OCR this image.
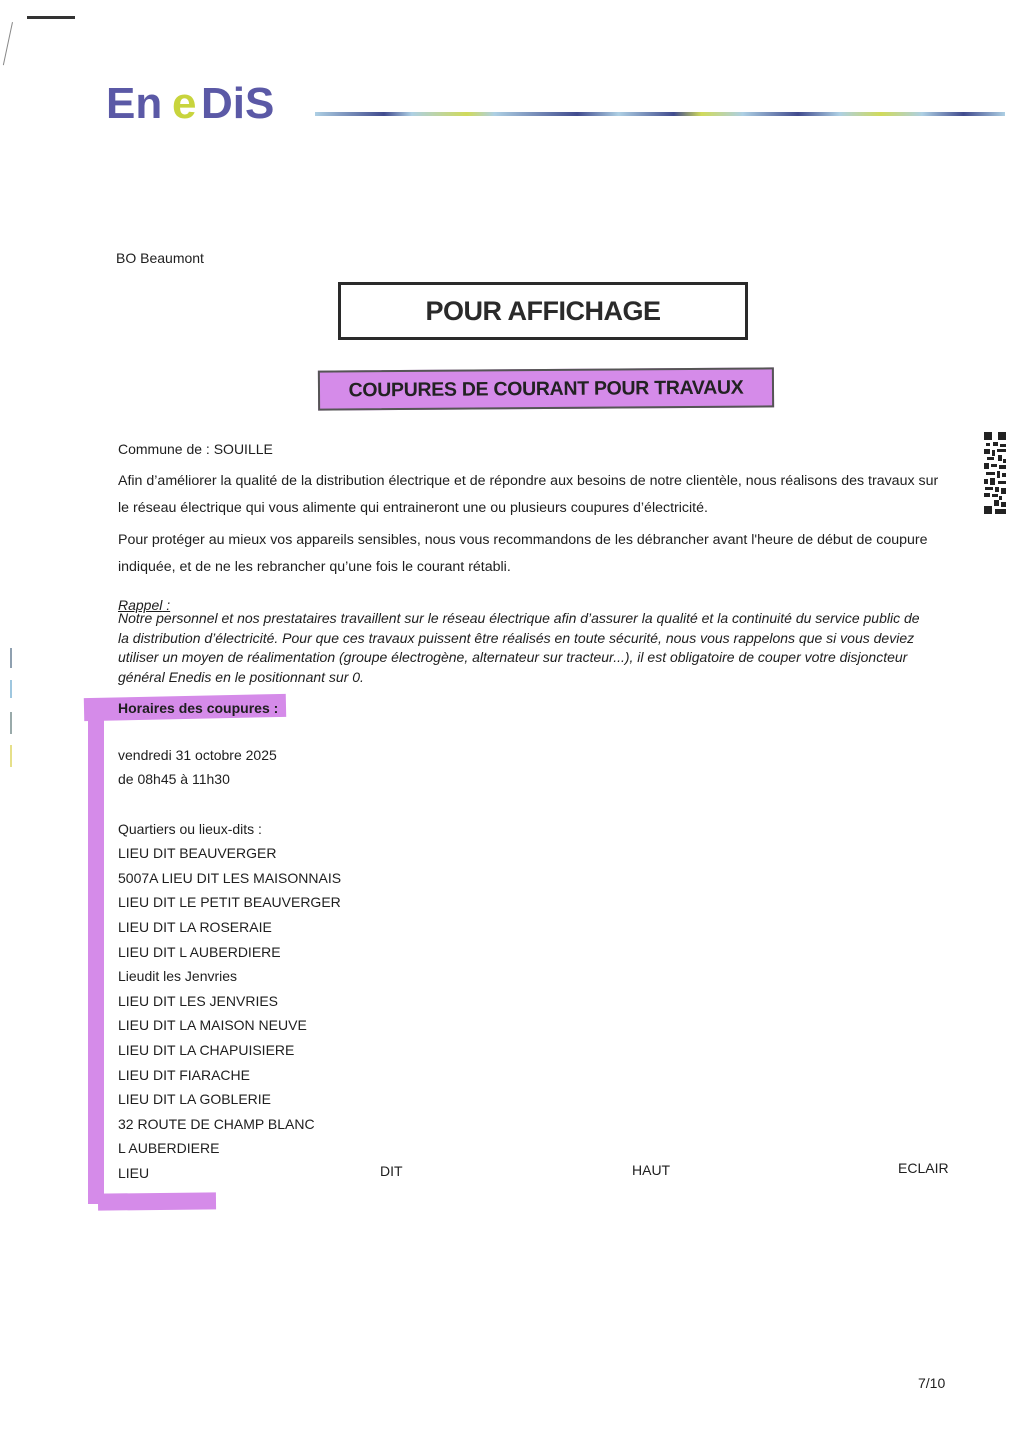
En e DiS
BO Beaumont
POUR AFFICHAGE
COUPURES DE COURANT POUR TRAVAUX
Commune de : SOUILLE
Afin d’améliorer la qualité de la distribution électrique et de répondre aux besoins de notre clientèle, nous réalisons des travaux sur le réseau électrique qui vous alimente qui entraineront une ou plusieurs coupures d’électricité.
Pour protéger au mieux vos appareils sensibles, nous vous recommandons de les débrancher avant l'heure de début de coupure indiquée, et de ne les rebrancher qu’une fois le courant rétabli.
Rappel :
Notre personnel et nos prestataires travaillent sur le réseau électrique afin d’assurer la qualité et la continuité du service public de la distribution d’électricité. Pour que ces travaux puissent être réalisés en toute sécurité, nous vous rappelons que si vous deviez utiliser un moyen de réalimentation (groupe électrogène, alternateur sur tracteur...), il est obligatoire de couper votre disjoncteur général Enedis en le positionnant sur 0.
Horaires des coupures :
vendredi 31 octobre 2025
de 08h45 à 11h30
Quartiers ou lieux-dits :
LIEU DIT BEAUVERGER
5007A LIEU DIT LES MAISONNAIS
LIEU DIT LE PETIT BEAUVERGER
LIEU DIT LA ROSERAIE
LIEU DIT L AUBERDIERE
Lieudit les Jenvries
LIEU DIT LES JENVRIES
LIEU DIT LA MAISON NEUVE
LIEU DIT LA CHAPUISIERE
LIEU DIT FIARACHE
LIEU DIT LA GOBLERIE
32 ROUTE DE CHAMP BLANC
L AUBERDIERE
LIEU	DIT	HAUT	ECLAIR
7/10
